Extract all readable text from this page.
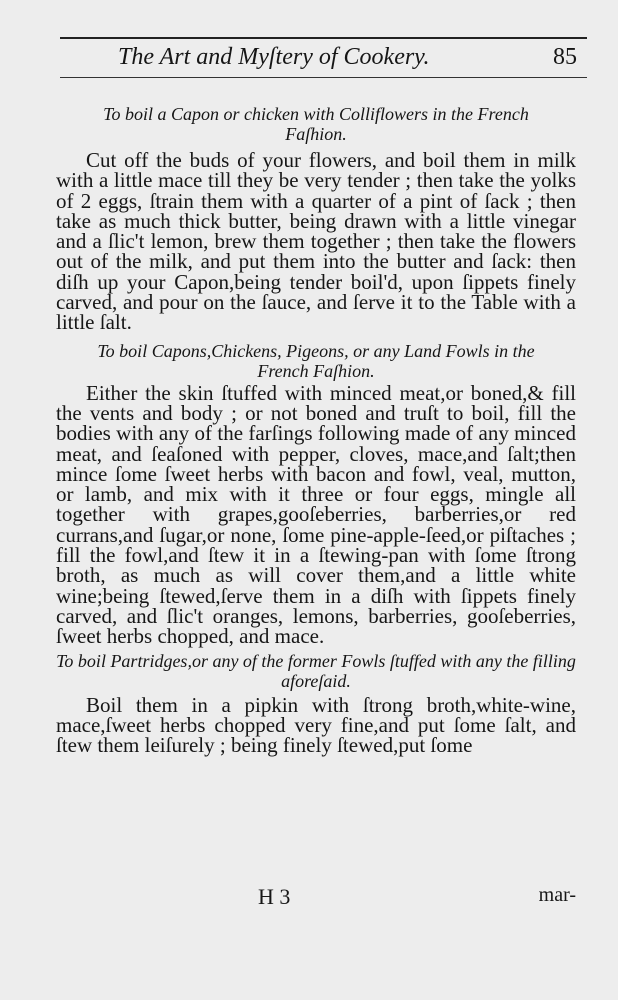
The Art and Myſtery of Cookery.	85

To boil a Capon or chicken with Colliflowers in the French Faſhion.

Cut off the buds of your flowers, and boil them in milk with a little mace till they be very tender ; then take the yolks of 2 eggs, ſtrain them with a quarter of a pint of ſack ; then take as much thick butter, being drawn with a little vinegar and a ſlic't lemon, brew them together ; then take the flowers out of the milk, and put them into the butter and ſack: then diſh up your Capon,being tender boil'd, upon ſippets finely carved, and pour on the ſauce, and ſerve it to the Table with a little ſalt.

To boil Capons,Chickens, Pigeons, or any Land Fowls in the French Faſhion.

Either the skin ſtuffed with minced meat,or boned,& fill the vents and body ; or not boned and truſt to boil, fill the bodies with any of the farſings following made of any minced meat, and ſeaſoned with pepper, cloves, mace,and ſalt;then mince ſome ſweet herbs with bacon and fowl, veal, mutton, or lamb, and mix with it three or four eggs, mingle all together with grapes,gooſeberries, barberries,or red currans,and ſugar,or none, ſome pine-apple-ſeed,or piſtaches ; fill the fowl,and ſtew it in a ſtewing-pan with ſome ſtrong broth, as much as will cover them,and a little white wine;being ſtewed,ſerve them in a diſh with ſippets finely carved, and ſlic't oranges, lemons, barberries, gooſeberries, ſweet herbs chopped, and mace.

To boil Partridges,or any of the former Fowls ſtuffed with any the filling aforeſaid.

Boil them in a pipkin with ſtrong broth,white-wine, mace,ſweet herbs chopped very fine,and put ſome ſalt, and ſtew them leiſurely ; being finely ſtewed,put ſome

H 3	mar-
